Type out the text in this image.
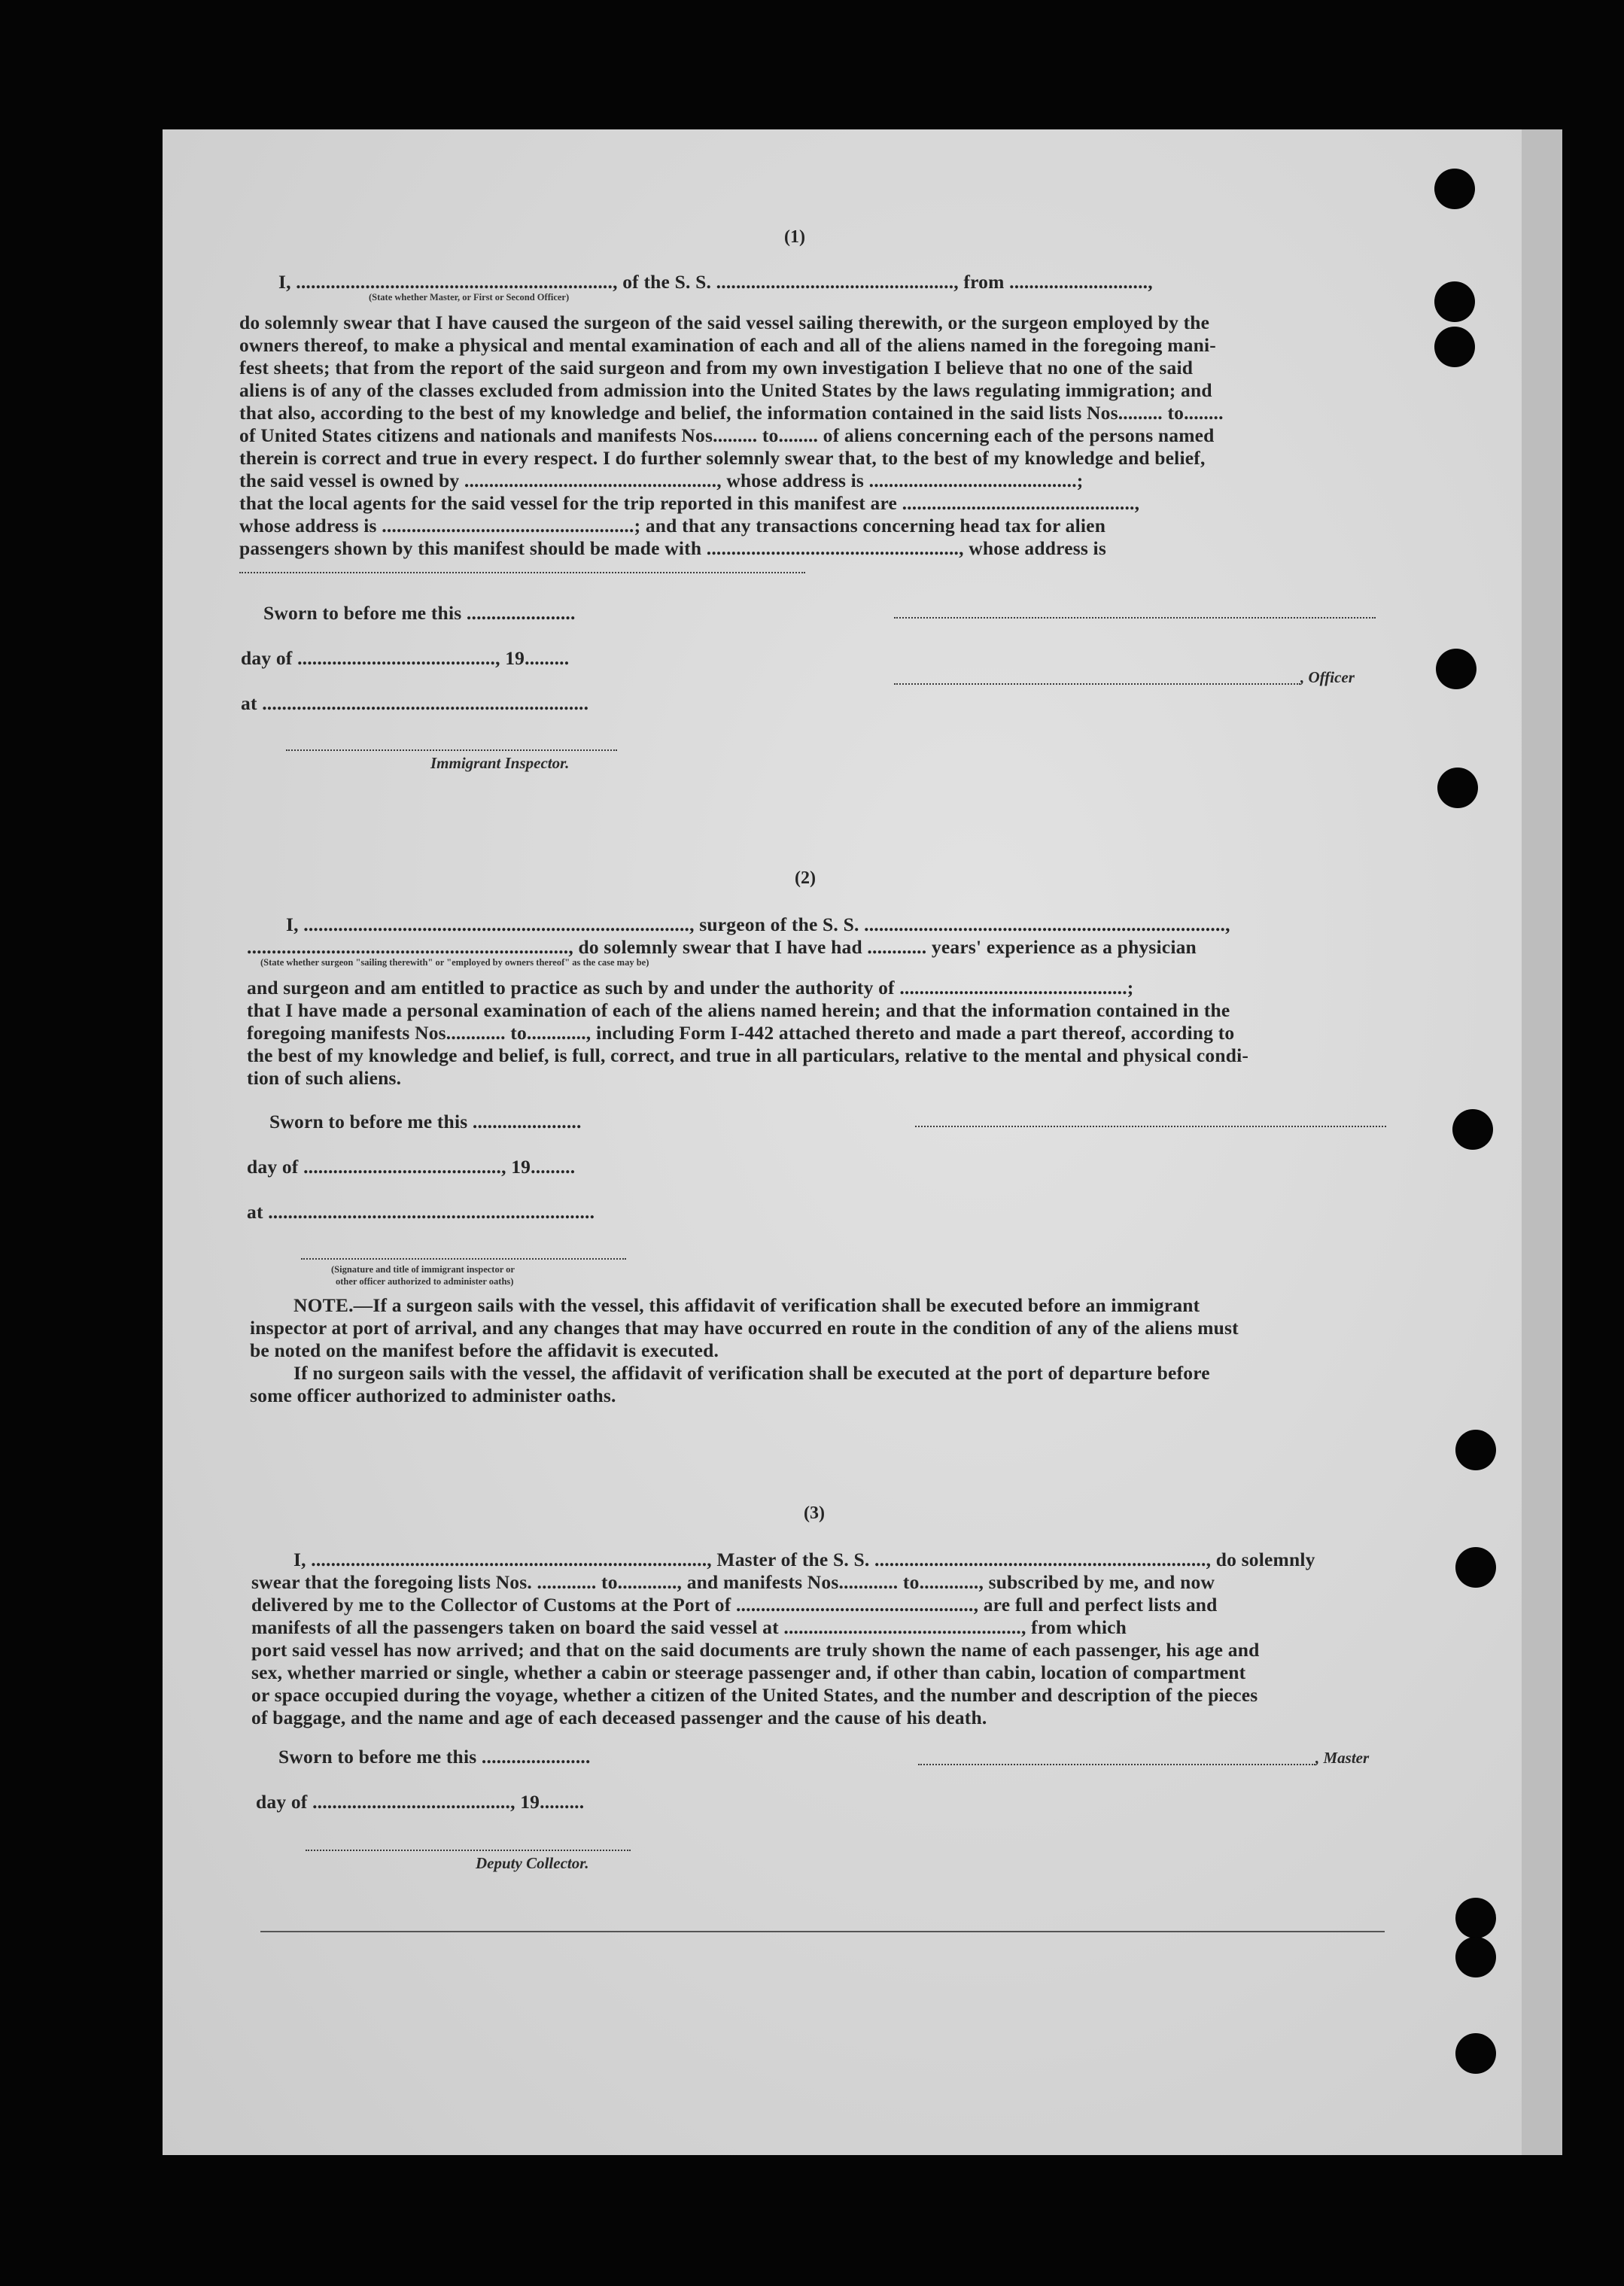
(1)
I, ................................................................, of the S. S. ................................................, from ............................,
(State whether Master, or First or Second Officer)
do solemnly swear that I have caused the surgeon of the said vessel sailing therewith, or the surgeon employed by the
owners thereof, to make a physical and mental examination of each and all of the aliens named in the foregoing mani-
fest sheets; that from the report of the said surgeon and from my own investigation I believe that no one of the said
aliens is of any of the classes excluded from admission into the United States by the laws regulating immigration; and
that also, according to the best of my knowledge and belief, the information contained in the said lists Nos......... to........
of United States citizens and nationals and manifests Nos......... to........ of aliens concerning each of the persons named
therein is correct and true in every respect. I do further solemnly swear that, to the best of my knowledge and belief,
the said vessel is owned by ..................................................., whose address is ..........................................;
that the local agents for the said vessel for the trip reported in this manifest are ...............................................,
whose address is ...................................................; and that any transactions concerning head tax for alien
passengers shown by this manifest should be made with ..................................................., whose address is
Sworn to before me this ......................
day of ........................................, 19.........
at ..................................................................
Immigrant Inspector.
, Officer
(2)
I, .............................................................................., surgeon of the S. S. .........................................................................,
................................................................., do solemnly swear that I have had ............ years' experience as a physician
(State whether surgeon "sailing therewith" or "employed by owners thereof" as the case may be)
and surgeon and am entitled to practice as such by and under the authority of ..............................................;
that I have made a personal examination of each of the aliens named herein; and that the information contained in the
foregoing manifests Nos............ to............, including Form I-442 attached thereto and made a part thereof, according to
the best of my knowledge and belief, is full, correct, and true in all particulars, relative to the mental and physical condi-
tion of such aliens.
Sworn to before me this ......................
day of ........................................, 19.........
at ..................................................................
(Signature and title of immigrant inspector or
other officer authorized to administer oaths)
NOTE.—If a surgeon sails with the vessel, this affidavit of verification shall be executed before an immigrant
inspector at port of arrival, and any changes that may have occurred en route in the condition of any of the aliens must
be noted on the manifest before the affidavit is executed.
If no surgeon sails with the vessel, the affidavit of verification shall be executed at the port of departure before
some officer authorized to administer oaths.
(3)
I, ................................................................................, Master of the S. S. ..................................................................., do solemnly
swear that the foregoing lists Nos. ............ to............, and manifests Nos............ to............, subscribed by me, and now
delivered by me to the Collector of Customs at the Port of ................................................, are full and perfect lists and
manifests of all the passengers taken on board the said vessel at ................................................, from which
port said vessel has now arrived; and that on the said documents are truly shown the name of each passenger, his age and
sex, whether married or single, whether a cabin or steerage passenger and, if other than cabin, location of compartment
or space occupied during the voyage, whether a citizen of the United States, and the number and description of the pieces
of baggage, and the name and age of each deceased passenger and the cause of his death.
Sworn to before me this ......................
day of ........................................, 19.........
Deputy Collector.
, Master
